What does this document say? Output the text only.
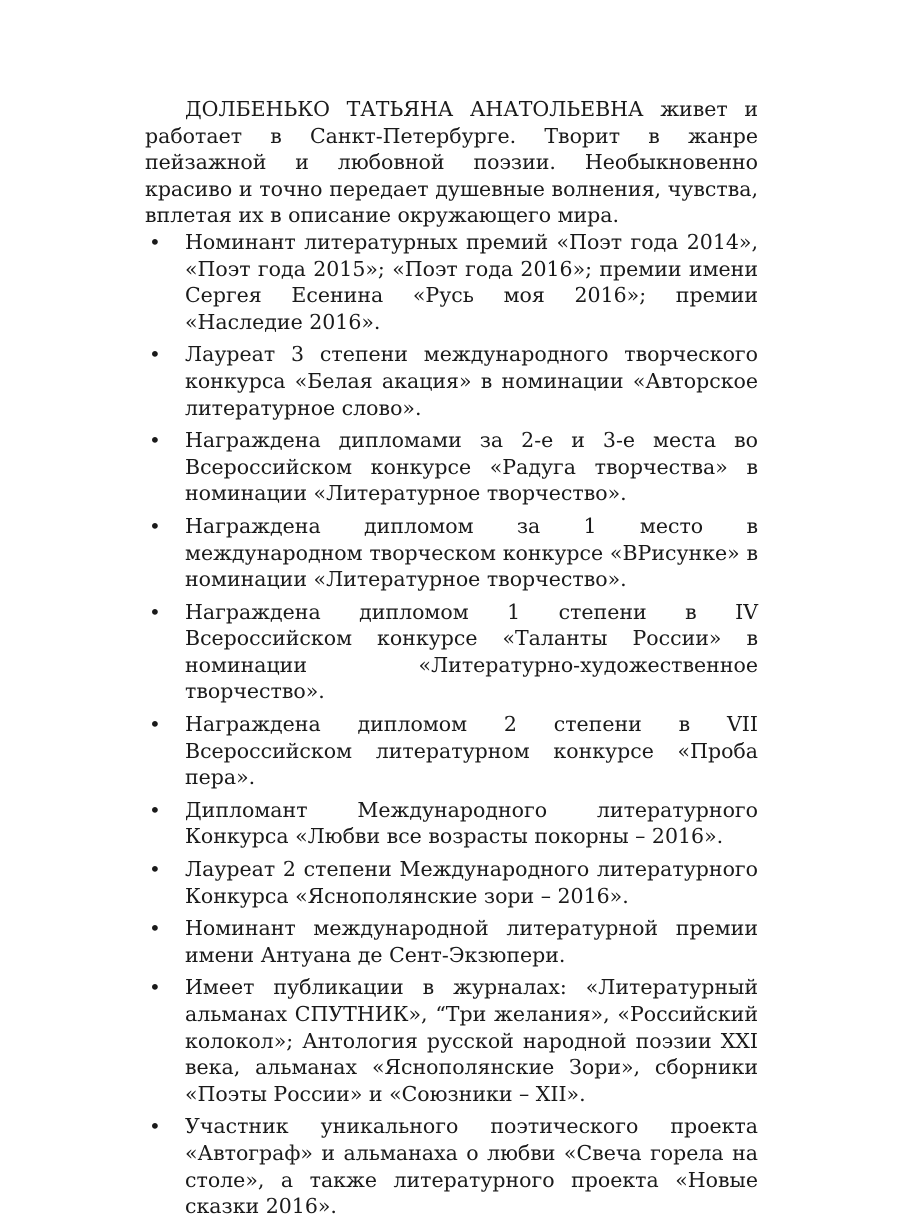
ДОЛБЕНЬКО ТАТЬЯНА АНАТОЛЬЕВНА живет и работает в Санкт-Петербурге. Творит в жанре пейзажной и любовной поэзии. Необыкновенно красиво и точно передает душевные волнения, чувства, вплетая их в описание окружающего мира.

• Номинант литературных премий «Поэт года 2014», «Поэт года 2015»; «Поэт года 2016»; премии имени Сергея Есенина «Русь моя 2016»; премии «Наследие 2016».
• Лауреат 3 степени международного творческого конкурса «Белая акация» в номинации «Авторское литературное слово».
• Награждена дипломами за 2-е и 3-е места во Всероссийском конкурсе «Радуга творчества» в номинации «Литературное творчество».
• Награждена дипломом за 1 место в международном творческом конкурсе «ВРисунке» в номинации «Литературное творчество».
• Награждена дипломом 1 степени в IV Всероссийском конкурсе «Таланты России» в номинации «Литературно-художественное творчество».
• Награждена дипломом 2 степени в VII Всероссийском литературном конкурсе «Проба пера».
• Дипломант Международного литературного Конкурса «Любви все возрасты покорны – 2016».
• Лауреат 2 степени Международного литературного Конкурса «Яснополянские зори – 2016».
• Номинант международной литературной премии имени Антуана де Сент-Экзюпери.
• Имеет публикации в журналах: «Литературный альманах СПУТНИК», “Три желания», «Российский колокол»; Антология русской народной поэзии XXI века, альманах «Яснополянские Зори», сборники «Поэты России» и «Союзники – XII».
• Участник уникального поэтического проекта «Автограф» и альманаха о любви «Свеча горела на столе», а также литературного проекта «Новые сказки 2016».
